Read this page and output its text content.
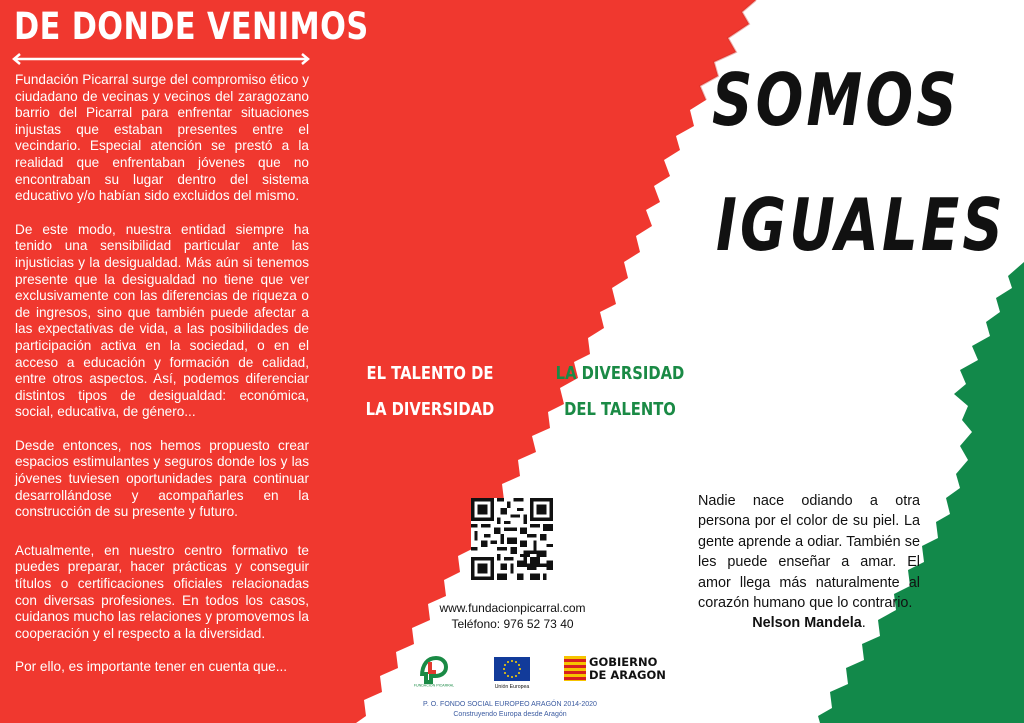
DE DONDE VENIMOS

Fundación Picarral surge del compromiso ético y ciudadano de vecinas y vecinos del zaragozano barrio del Picarral para enfrentar situaciones injustas que estaban presentes entre el vecindario. Especial atención se prestó a la realidad que enfrentaban jóvenes que no encontraban su lugar dentro del sistema educativo y/o habían sido excluidos del mismo.

De este modo, nuestra entidad siempre ha tenido una sensibilidad particular ante las injusticias y la desigualdad. Más aún si tenemos presente que la desigualdad no tiene que ver exclusivamente con las diferencias de riqueza o de ingresos, sino que también puede afectar a las expectativas de vida, a las posibilidades de participación activa en la sociedad, o en el acceso a educación y formación de calidad, entre otros aspectos. Así, podemos diferenciar distintos tipos de desigualdad: económica, social, educativa, de género...

Desde entonces, nos hemos propuesto crear espacios estimulantes y seguros donde los y las jóvenes tuviesen oportunidades para continuar desarrollándose y acompañarles en la construcción de su presente y futuro.

Actualmente, en nuestro centro formativo te puedes preparar, hacer prácticas y conseguir títulos o certificaciones oficiales relacionadas con diversas profesiones. En todos los casos, cuidanos mucho las relaciones y promovemos la cooperación y el respecto a la diversidad.

Por ello, es importante tener en cuenta que...

SOMOS
IGUALES
EL TALENTO DE
LA DIVERSIDAD
LA DIVERSIDAD
DEL TALENTO
www.fundacionpicarral.com
Teléfono: 976 52 73 40
Nadie nace odiando a otra persona por el color de su piel. La gente aprende a odiar. También se les puede enseñar a amar. El amor llega más naturalmente al corazón humano que lo contrario.
Nelson Mandela.
FUNDACIÓN PICARRAL	Unión Europea
GOBIERNO
DE ARAGON
P. O. FONDO SOCIAL EUROPEO ARAGÓN 2014-2020
Construyendo Europa desde Aragón
